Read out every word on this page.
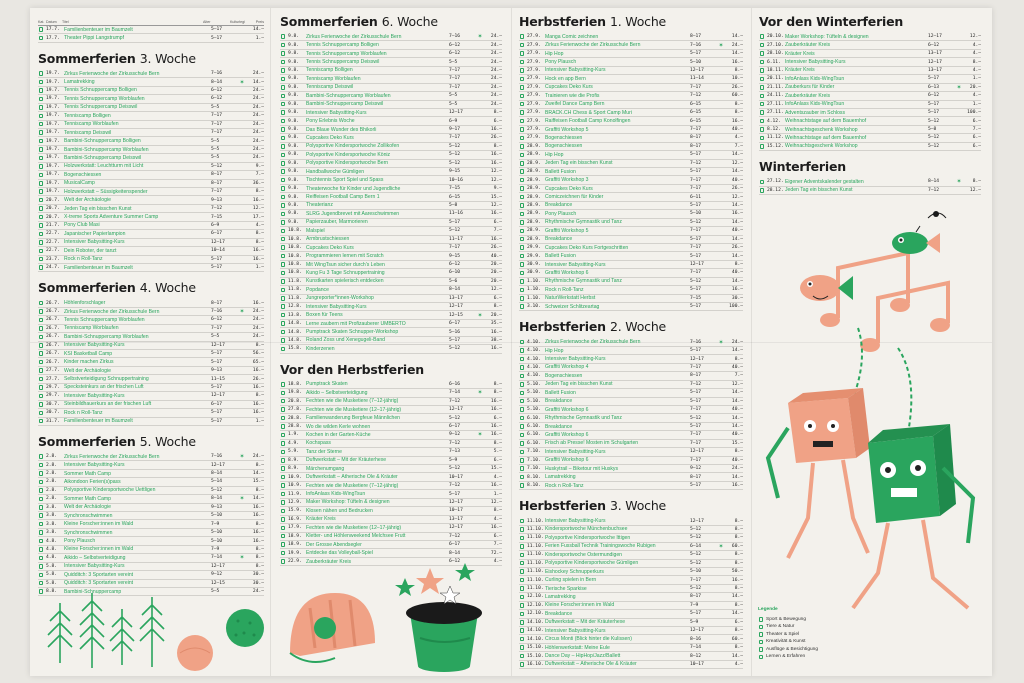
Kat. Datum	Titel	Alter	Kulturlegi	Preis
17.7. Familienbenteuer im Baumzelt	5–17	14.–
17.7. Theater Pippi Langstrumpf	5–17	1.–
Sommerferien 3. Woche
19.7. Zirkus Ferienwoche der Zirkusschule Bern	7–16	24.–
19.7. Lamatrekking	8–14	✶	14.–
19.7. Tennis Schnuppercamp Bolligen	6–12	24.–
19.7. Tennis Schnuppercamp Worblaufen	6–12	24.–
19.7. Tennis Schnuppercamp Deisswil	5–5	24.–
19.7. Tenniscamp Bolligen	7–17	24.–
19.7. Tenniscamp Worblaufen	7–17	24.–
19.7. Tenniscamp Deisswil	7–17	24.–
19.7. Bambini-Schnuppercamp Bolligen	5–5	24.–
19.7. Bambini-Schnuppercamp Worblaufen	5–5	24.–
19.7. Bambini-Schnuppercamp Deisswil	5–5	24.–
19.7. Holzwerkstatt: Leuchtturm mit Licht	5–12	9.–
19.7. Bogenschiessen	8–17	7.–
19.7. MusicalCamp	8–17	36.–
19.7. Holzwerkstatt – Süssigkeitenspender	7–17	8.–
20.7. Welt der Archäologie	9–13	16.–
20.7. Jeden Tag ein bisschen Kunst	7–12	12.–
20.7. X-treme Sports Adventure Summer Camp	7–15	17.–
21.7. Pony Club Masi	6–9	4.–
22.7. Japanischer Papierlampion	6–17	8.–
22.7. Intensiver Babysitting-Kurs	12–17	8.–
22.7. Dein Roboter, der tanzt	10–14	16.–
23.7. Rock n Roll-Tanz	5–17	16.–
24.7. Familienbenteuer im Baumzelt	5–17	1.–
Sommerferien 4. Woche
26.7. Höhlenforschlager	8–17	16.–
26.7. Zirkus Ferienwoche der Zirkusschule Bern	7–16	✶	24.–
26.7. Tennis Schnuppercamp Worblaufen	6–12	24.–
26.7. Tenniscamp Worblaufen	7–17	24.–
26.7. Bambini-Schnuppercamp Worblaufen	5–5	24.–
26.7. Intensiver Babysitting-Kurs	12–17	8.–
26.7. KSI Basketball Camp	5–17	56.–
26.7. Kinder machen Zirkus	5–17	65.–
27.7. Welt der Archäologie	9–13	16.–
27.7. Selbstverteidigung Schnuppertraining	11–15	26.–
29.7. Specksteinkurs an der frischen Luft	5–17	16.–
29.7. Intensiver Babysitting-Kurs	12–17	8.–
30.7. Steinbildhauerkurs an der frischen Luft	6–17	16.–
30.7. Rock n Roll-Tanz	5–17	16.–
31.7. Familienbenteuer im Baumzelt	5–17	1.–
Sommerferien 5. Woche
2.8.	Zirkus Ferienwoche der Zirkusschule Bern	7–16	✶	24.–
2.8.	Intensiver Babysitting-Kurs	12–17	8.–
2.8.	Sommer Math Camp	8–14	14.–
2.8.	Aikondoon Ferien(s)pass	5–14	15.–
2.8.	Polysportive Kindersportwoche Uettligen	5–12	8.–
2.8.	Sommer Math Camp	8–14	✶	14.–
3.8.	Welt der Archäologie	9–13	16.–
3.8.	Synchronschwimmen	5–10	16.–
3.8.	Kleine Forscher:innen im Wald	7–9	8.–
3.8.	Synchronschwimmen	5–10	16.–
4.8.	Pony Plausch	5–10	16.–
4.8.	Kleine Forscher:innen im Wald	7–9	8.–
4.8.	Aikido – Selbstverteidigung	7–14	✶	8.–
5.8.	Intensiver Babysitting-Kurs	12–17	8.–
5.8.	Quidditch: 3 Sportarten vereint	9–12	30.–
5.8.	Quidditch: 3 Sportarten vereint	12–15	30.–
8.8.	Bambini-Schnuppercamp	5–5	24.–
Sommerferien 6. Woche
9.8.	Zirkus Ferienwoche der Zirkusschule Bern	7–16	✶	24.–
9.8.	Tennis Schnuppercamp Bolligen	6–12	24.–
9.8.	Tennis Schnuppercamp Worblaufen	6–12	24.–
9.8.	Tennis Schnuppercamp Deisswil	5–5	24.–
9.8.	Tenniscamp Bolligen	7–17	24.–
9.8.	Tenniscamp Worblaufen	7–17	24.–
9.8.	Tenniscamp Deisswil	7–17	24.–
9.8.	Bambini-Schnuppercamp Worblaufen	5–5	24.–
9.8.	Bambini-Schnuppercamp Deisswil	5–5	24.–
9.8.	Intensiver Babysitting-Kurs	12–17	8.–
9.8.	Pony Erlebnis Woche	6–9	6.–
9.8.	Das Blaue Wunder des Bhikorli	9–17	16.–
9.8.	Cupcakes Deko Kurs	7–17	26.–
9.8.	Polysportive Kindersportwoche Zollikofen	5–12	8.–
9.8.	Polysportive Kindersportwoche Köniz	5–12	16.–
9.8.	Polysportive Kindersportwoche Bern	5–12	16.–
9.8.	Handballwoche Gümligen	9–15	12.–
9.8.	Tischtennis Sport Spiel und Spass	10–16	12.–
9.8.	Theaterwoche für Kinder und Jugendliche	7–15	9.–
9.8.	Reiffeisen Football Camp Bern 1	6–15	15.–
9.8.	Theaterianz	5–8	12.–
9.8.	SLRG Jugendbrevet mit Aareschwimmen	11–16	16.–
9.8.	Papierzauber, Marmorieren	5–17	6.–
10.8. Malspiel	5–12	7.–
10.8. Armbrustschiessen	11–17	16.–
10.8. Cupcakes Deko Kurs	7–17	26.–
10.8. Programmieren lernen mit Scratch	9–15	40.–
10.8. Mit WingTsun sicher durch's Leben	6–12	20.–
10.8. Kung Fu 3 Tage Schnuppertraining	6–10	20.–
11.8. Kunstkarten spielerisch entdecken	5–6	20.–
11.8. Popdance	8–14	12.–
11.8. Jungreporter*innen-Workshop	13–17	6.–
12.8. Intensiver Babysitting-Kurs	12–17	8.–
13.8. Boxen für Teens	12–15	✶	20.–
14.8. Lerne zaubern mit Profizauberer UMBERTO	6–17	35.–
14.8. Pumptrack Skaten Schnupper-Workshop	5–16	16.–
14.8. Roland Zoss und Xenegugeli-Band	5–17	38.–
15.8. Kinderzenen	5–12	16.–
Vor den Herbstferien
18.8. Pumptrack Skaten	6–16	8.–
19.8. Aikido – Selbstverteidigung	7–14	✶	8.–
20.8. Fechten wie die Musketiere (7–12-jährig)	7–12	16.–
27.8. Fechten wie die Musketiere (12–17-jährig)	12–17	16.–
28.8. Familienwanderung Bergfeue Männlichen	5–12	6.–
28.8. Wo die wilden Kerle wohnen	6–17	16.–
1.9.	Kochen in der Garten-Küche	9–12	✶	16.–
4.9.	Kochspass	7–12	8.–
5.9.	Tanz der Sterne	7–13	5.–
8.9.	Duftwerkstatt – Mit der Kräuterhexe	5–9	6.–
8.9.	Märchenumgang	5–12	15.–
10.9. Duftwerkstatt – Ätherische Öle & Kräuter	10–17	4.–
10.9. Fechten wie die Musketiere (7–12-jährig)	7–12	16.–
11.9. InfoAnlass Kids-WingTsun	5–17	1.–
12.9. Maker Workshop: Tüfteln & designen	12–17	12.–
15.9. Klosen nähen und Bedrucken	10–17	8.–
16.9. Kräuter Kreis	13–17	4.–
17.9. Fechten wie die Musketiere (12–17-jährig)	12–17	16.–
18.9. Kletter- und Höhlenweekend Melchsee Frutt	7–12	6.–
18.9. Der Grosse Abendsegler	6–17	7.–
19.9. Entdecke das Volleyball-Spiel	8–14	72.–
22.9. Zauberkräuter Kreis	6–12	4.–
Herbstferien 1. Woche
27.9. Manga Comic zeichnen	8–17	14.–
27.9. Zirkus Ferienwoche der Zirkusschule Bern	7–16	✶	24.–
27.9. Hip Hop	5–17	14.–
27.9. Pony Plausch	5–10	16.–
27.9. Intensiver Babysitting-Kurs	12–17	8.–
27.9. Hock en app Bern	11–14	10.–
27.9. Cupcakes Deko Kurs	7–17	26.–
27.9. Trainieren wie die Profis	7–12	60.–
27.9. Zweifel Dance Camp Bern	6–15	8.–
27.9. BRACK.CH Chess & Sport Camp Muri	6–15	8.–
27.9. Raiffeisen Football Camp Konolfingen	6–15	16.–
27.9. Graffiti Workshop 5	7–17	40.–
27.9. Bogenschiessen	8–17	4.–
28.9. Bogenschiessen	8–17	7.–
28.9. Hip Hop	5–17	14.–
28.9. Jeden Tag ein bisschen Kunst	7–12	12.–
28.9. Ballett Fusion	5–17	14.–
28.9. Graffiti Workshop 3	7–17	40.–
28.9. Cupcakes Deko Kurs	7–17	26.–
28.9. Comiczeichnen für Kinder	6–11	12.–
28.9. Breakdance	5–17	14.–
28.9. Pony Plausch	5–10	16.–
28.9. Rhythmische Gymnastik und Tanz	5–12	14.–
28.9. Graffiti Workshop 5	7–17	40.–
28.9. Breakdance	5–17	14.–
29.9. Cupcakes Deko Kurs Fortgeschritten	7–17	26.–
29.9. Ballett Fusion	5–17	14.–
30.9. Intensiver Babysitting-Kurs	12–17	8.–
30.9. Graffiti Workshop 6	7–17	40.–
1.10. Rhythmische Gymnastik und Tanz	5–12	14.–
1.10. Rock n Roll-Tanz	5–17	16.–
1.10. NaturWerkstatt Herbst	7–15	30.–
3.10. Schweizer Schlitzeartag	5–17	100.–
Herbstferien 2. Woche
4.10. Zirkus Ferienwoche der Zirkusschule Bern	7–16	✶	24.–
4.10. Hip Hop	5–17	14.–
4.10. Intensiver Babysitting-Kurs	12–17	8.–
4.10. Graffiti Workshop 4	7–17	40.–
4.10. Bogenschiessen	8–17	7.–
5.10. Jeden Tag ein bisschen Kunst	7–12	12.–
5.10. Ballett Fusion	5–17	14.–
5.10. Breakdance	5–17	14.–
5.10. Graffiti Workshop 6	7–17	40.–
6.10. Rhythmische Gymnastik und Tanz	5–12	14.–
6.10. Breakdance	5–17	14.–
6.10. Graffiti Workshop 6	7–17	40.–
6.10. Frisch ab Presse! Mosten im Schulgarten	7–17	15.–
7.10. Intensiver Babysitting-Kurs	12–17	8.–
7.10. Graffiti Workshop 6	7–17	40.–
7.10. Huskytrail – Biketour mit Huskys	9–12	24.–
8.10. Lamatrekking	8–17	14.–
8.10. Rock n Roll-Tanz	5–17	16.–
Herbstferien 3. Woche
11.10. Intensiver Babysitting-Kurs	12–17	8.–
11.10. Kindersportwoche Münchenbuchsee	5–12	8.–
11.10. Polysportive Kindersportwoche Ittigen	5–12	8.–
11.10. Ferien Fussball Technik Trainingswoche Rubigen	6–14	✶	60.–
11.10. Kindersportwoche Ostermundigen	5–12	8.–
11.10. Polysportive Kindersportwoche Gümligen	5–12	8.–
11.10. Eishockey Schnupperkurs	5–10	50.–
11.10. Curling spielen in Bern	7–17	16.–
11.10. Tierische Sparkise	5–12	8.–
12.10. Lamatrekking	8–17	14.–
12.10. Kleine Forscher:innen im Wald	7–9	8.–
12.10. Breakdance	5–17	14.–
14.10. Duftwerkstatt – Mit der Kräuterhexe	5–9	6.–
14.10. Intensiver Babysitting-Kurs	12–17	8.–
14.10. Circus Monti (Blick hinter die Kulissen)	8–16	60.–
15.10. Höhlenwerkstatt: Meine Eule	7–14	8.–
15.10. Dance Day – HipHop/Jazz/Ballett	8–12	14.–
16.10. Duftwerkstatt – Ätherische Öle & Kräuter	10–17	4.–
Vor den Winterferien
20.10. Maker Workshop: Tüfteln & designen	12–17	12.–
27.10. Zauberkräuter Kreis	6–12	4.–
28.10. Kräuter Kreis	13–17	4.–
6.11. Intensiver Babysitting-Kurs	12–17	8.–
18.11. Kräuter Kreis	13–17	4.–
20.11. InfoAnlass Kids-WingTsun	5–17	1.–
21.11. Zauberkurs für Kinder	6–13	✶	20.–
24.11. Zauberkräuter Kreis	6–12	4.–
27.11. InfoAnlass Kids-WingTsun	5–17	1.–
27.11. Adventszauber im Schloss	5–17	100.–
4.12. Weihnachtstage auf dem Bauernhof	5–12	6.–
8.12. Weihnachtsgeschenk Workshop	5–8	7.–
11.12. Weihnachtstage auf dem Bauernhof	5–12	6.–
15.12. Weihnachtsgeschenk Workshop	5–12	6.–
Winterferien
27.12. Eigener Adventskalender gestalten	8–14	✶	8.–
28.12. Jeden Tag ein bisschen Kunst	7–12	12.–
Legende
Sport & Bewegung
Tiere & Natur
Theater & Spiel
Kreativität & Kunst
Ausflüge & Besichtigung
Lernen & Erfahren
